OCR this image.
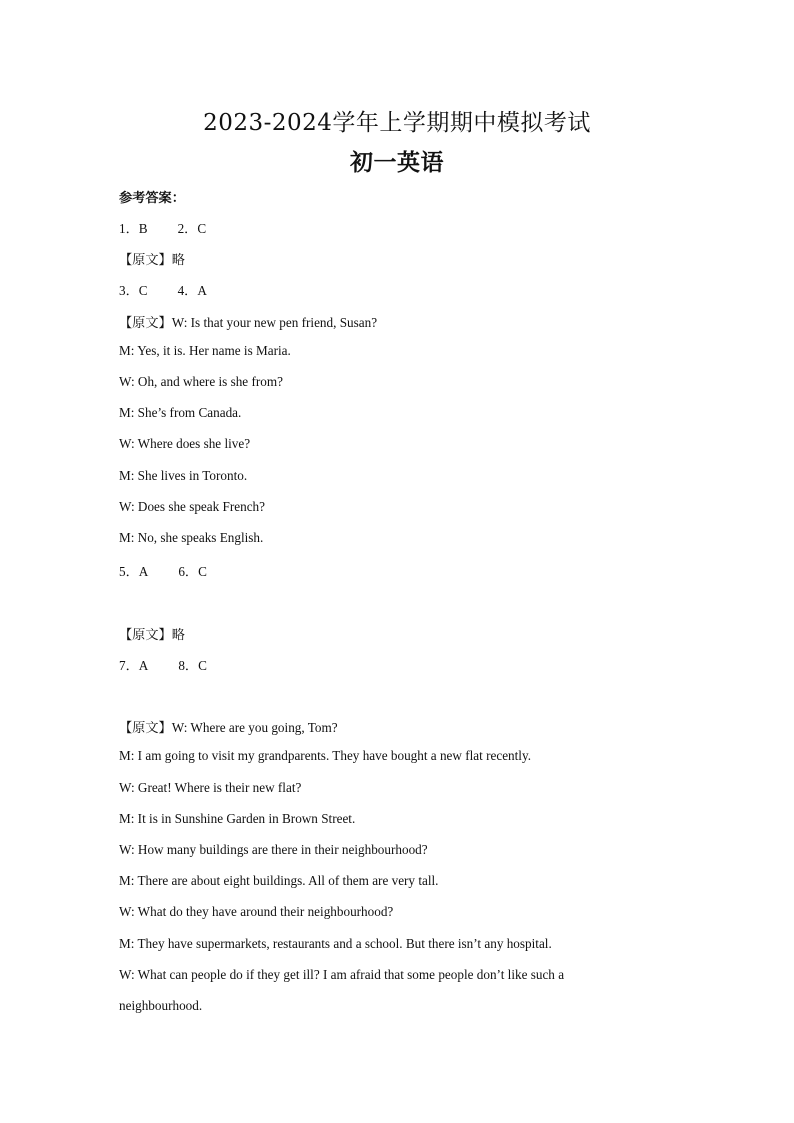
2023-2024学年上学期期中模拟考试
初一英语
参考答案：
1．B 2．C
【原文】略
3．C 4．A
【原文】W: Is that your new pen friend, Susan?
M: Yes, it is. Her name is Maria.
W: Oh, and where is she from?
M: She’s from Canada.
W: Where does she live?
M: She lives in Toronto.
W: Does she speak French?
M: No, she speaks English.
5．A 6．C
【原文】略
7．A 8．C
【原文】W: Where are you going, Tom?
M: I am going to visit my grandparents. They have bought a new flat recently.
W: Great! Where is their new flat?
M: It is in Sunshine Garden in Brown Street.
W: How many buildings are there in their neighbourhood?
M: There are about eight buildings. All of them are very tall.
W: What do they have around their neighbourhood?
M: They have supermarkets, restaurants and a school. But there isn’t any hospital.
W: What can people do if they get ill? I am afraid that some people don’t like such a
neighbourhood.
